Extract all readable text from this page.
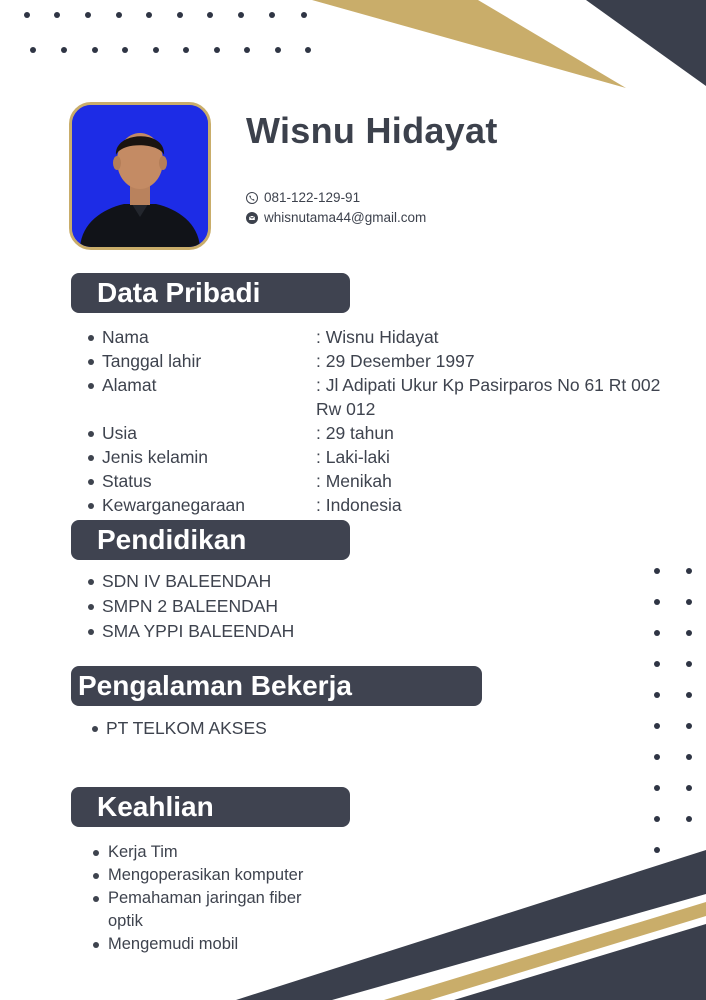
Wisnu Hidayat
081-122-129-91
whisnutama44@gmail.com
Data Pribadi
Nama	: Wisnu Hidayat
Tanggal lahir	: 29 Desember 1997
Alamat	: Jl Adipati Ukur Kp Pasirparos No 61 Rt 002 Rw 012
Usia	: 29 tahun
Jenis kelamin	: Laki-laki
Status	: Menikah
Kewarganegaraan	: Indonesia
Pendidikan
SDN IV BALEENDAH
SMPN 2 BALEENDAH
SMA YPPI BALEENDAH
Pengalaman Bekerja
PT TELKOM AKSES
Keahlian
Kerja Tim
Mengoperasikan komputer
Pemahaman jaringan fiber optik
Mengemudi mobil
